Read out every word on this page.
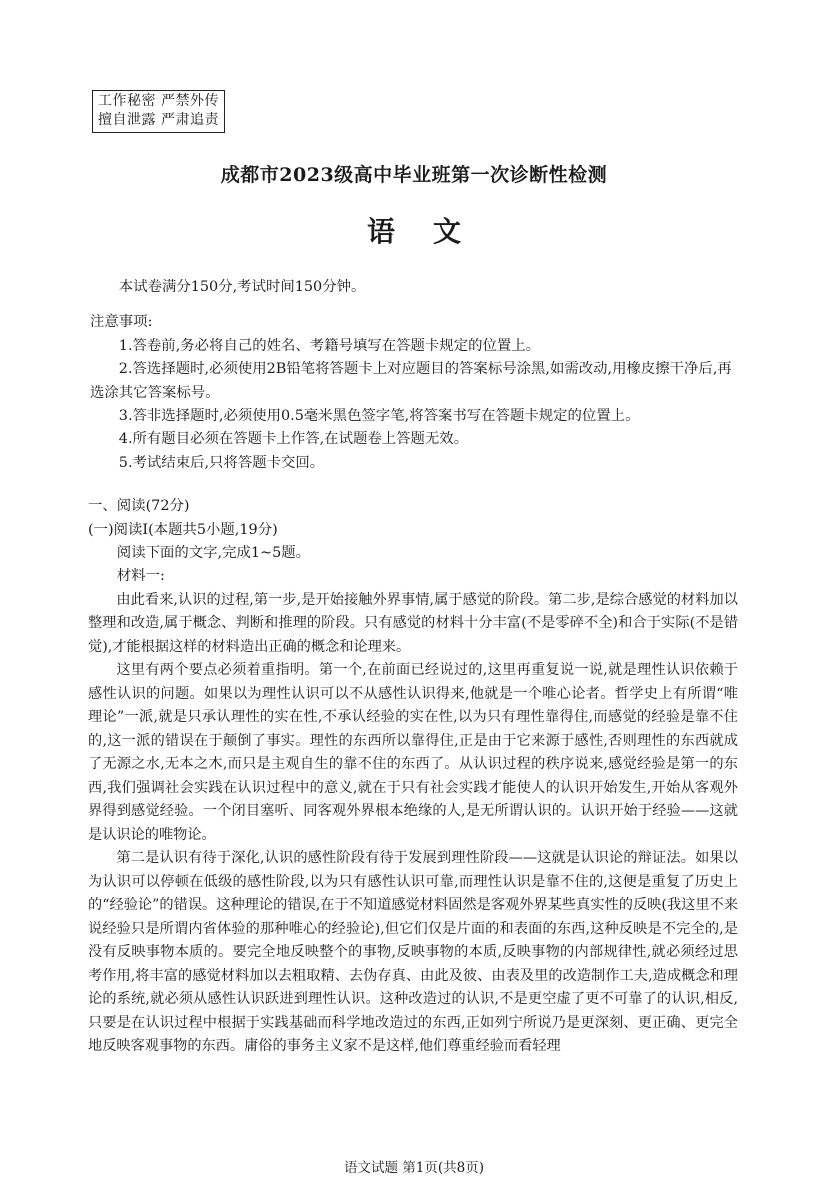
工作秘密 严禁外传
擅自泄露 严肃追责
成都市2023级高中毕业班第一次诊断性检测
语文

本试卷满分150分,考试时间150分钟。

注意事项:

1.答卷前,务必将自己的姓名、考籍号填写在答题卡规定的位置上。

2.答选择题时,必须使用2B铅笔将答题卡上对应题目的答案标号涂黑,如需改动,用橡皮擦干净后,再选涂其它答案标号。

3.答非选择题时,必须使用0.5毫米黑色签字笔,将答案书写在答题卡规定的位置上。

4.所有题目必须在答题卡上作答,在试题卷上答题无效。

5.考试结束后,只将答题卡交回。

一、阅读(72分)

(一)阅读Ⅰ(本题共5小题,19分)

阅读下面的文字,完成1~5题。

材料一:

由此看来,认识的过程,第一步,是开始接触外界事情,属于感觉的阶段。第二步,是综合感觉的材料加以整理和改造,属于概念、判断和推理的阶段。只有感觉的材料十分丰富(不是零碎不全)和合于实际(不是错觉),才能根据这样的材料造出正确的概念和论理来。

这里有两个要点必须着重指明。第一个,在前面已经说过的,这里再重复说一说,就是理性认识依赖于感性认识的问题。如果以为理性认识可以不从感性认识得来,他就是一个唯心论者。哲学史上有所谓“唯理论”一派,就是只承认理性的实在性,不承认经验的实在性,以为只有理性靠得住,而感觉的经验是靠不住的,这一派的错误在于颠倒了事实。理性的东西所以靠得住,正是由于它来源于感性,否则理性的东西就成了无源之水,无本之木,而只是主观自生的靠不住的东西了。从认识过程的秩序说来,感觉经验是第一的东西,我们强调社会实践在认识过程中的意义,就在于只有社会实践才能使人的认识开始发生,开始从客观外界得到感觉经验。一个闭目塞听、同客观外界根本绝缘的人,是无所谓认识的。认识开始于经验——这就是认识论的唯物论。

第二是认识有待于深化,认识的感性阶段有待于发展到理性阶段——这就是认识论的辩证法。如果以为认识可以停顿在低级的感性阶段,以为只有感性认识可靠,而理性认识是靠不住的,这便是重复了历史上的“经验论”的错误。这种理论的错误,在于不知道感觉材料固然是客观外界某些真实性的反映(我这里不来说经验只是所谓内省体验的那种唯心的经验论),但它们仅是片面的和表面的东西,这种反映是不完全的,是没有反映事物本质的。要完全地反映整个的事物,反映事物的本质,反映事物的内部规律性,就必须经过思考作用,将丰富的感觉材料加以去粗取精、去伪存真、由此及彼、由表及里的改造制作工夫,造成概念和理论的系统,就必须从感性认识跃进到理性认识。这种改造过的认识,不是更空虚了更不可靠了的认识,相反,只要是在认识过程中根据于实践基础而科学地改造过的东西,正如列宁所说乃是更深刻、更正确、更完全地反映客观事物的东西。庸俗的事务主义家不是这样,他们尊重经验而看轻理

语文试题 第1页(共8页)
